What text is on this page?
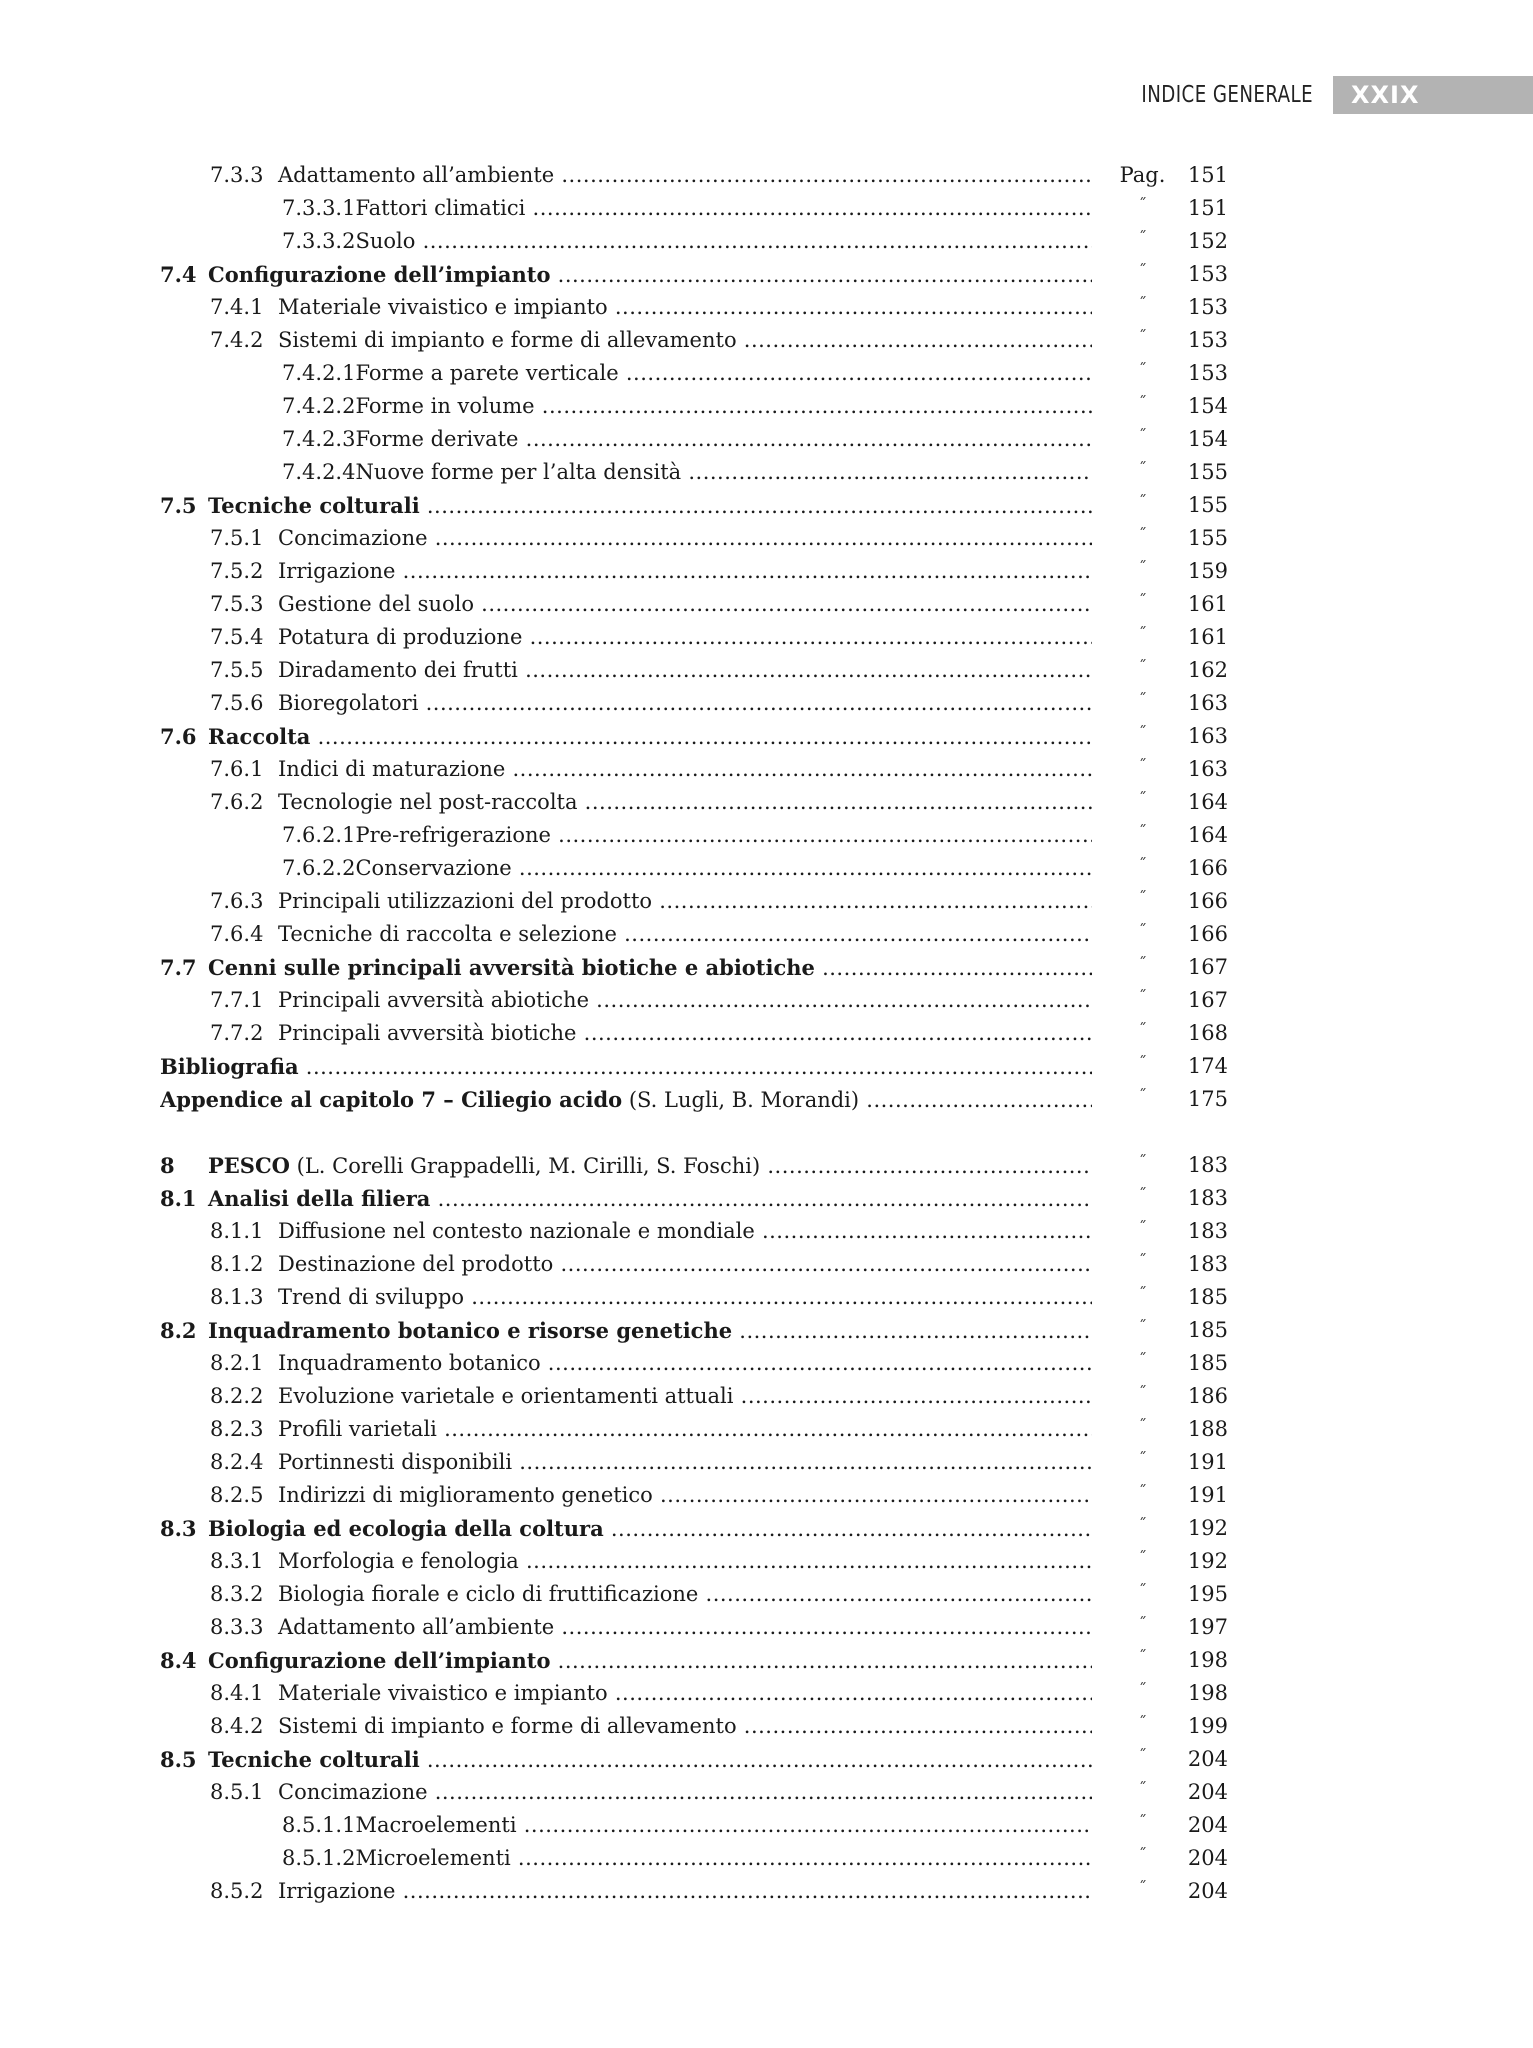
INDICE GENERALE XXIX
7.3.3 Adattamento all’ambiente .....	Pag.	151
7.3.3.1Fattori climatici .....	˝	151
7.3.3.2Suolo .....	˝	152
7.4 Configurazione dell’impianto .....	˝	153
7.4.1 Materiale vivaistico e impianto .....	˝	153
7.4.2 Sistemi di impianto e forme di allevamento .....	˝	153
7.4.2.1Forme a parete verticale .....	˝	153
7.4.2.2Forme in volume .....	˝	154
7.4.2.3Forme derivate .....	˝	154
7.4.2.4Nuove forme per l’alta densità .....	˝	155
7.5 Tecniche colturali .....	˝	155
7.5.1 Concimazione .....	˝	155
7.5.2 Irrigazione .....	˝	159
7.5.3 Gestione del suolo .....	˝	161
7.5.4 Potatura di produzione .....	˝	161
7.5.5 Diradamento dei frutti .....	˝	162
7.5.6 Bioregolatori .....	˝	163
7.6 Raccolta .....	˝	163
7.6.1 Indici di maturazione .....	˝	163
7.6.2 Tecnologie nel post-raccolta .....	˝	164
7.6.2.1Pre-refrigerazione .....	˝	164
7.6.2.2Conservazione .....	˝	166
7.6.3 Principali utilizzazioni del prodotto .....	˝	166
7.6.4 Tecniche di raccolta e selezione .....	˝	166
7.7 Cenni sulle principali avversità biotiche e abiotiche .....	˝	167
7.7.1 Principali avversità abiotiche .....	˝	167
7.7.2 Principali avversità biotiche .....	˝	168
Bibliografia .....	˝	174
Appendice al capitolo 7 – Ciliegio acido (S. Lugli, B. Morandi) .....	˝	175
8 PESCO (L. Corelli Grappadelli, M. Cirilli, S. Foschi) .....	˝	183
8.1 Analisi della filiera .....	˝	183
8.1.1 Diffusione nel contesto nazionale e mondiale .....	˝	183
8.1.2 Destinazione del prodotto .....	˝	183
8.1.3 Trend di sviluppo .....	˝	185
8.2 Inquadramento botanico e risorse genetiche .....	˝	185
8.2.1 Inquadramento botanico .....	˝	185
8.2.2 Evoluzione varietale e orientamenti attuali .....	˝	186
8.2.3 Profili varietali .....	˝	188
8.2.4 Portinnesti disponibili .....	˝	191
8.2.5 Indirizzi di miglioramento genetico .....	˝	191
8.3 Biologia ed ecologia della coltura .....	˝	192
8.3.1 Morfologia e fenologia .....	˝	192
8.3.2 Biologia fiorale e ciclo di fruttificazione .....	˝	195
8.3.3 Adattamento all’ambiente .....	˝	197
8.4 Configurazione dell’impianto .....	˝	198
8.4.1 Materiale vivaistico e impianto .....	˝	198
8.4.2 Sistemi di impianto e forme di allevamento .....	˝	199
8.5 Tecniche colturali .....	˝	204
8.5.1 Concimazione .....	˝	204
8.5.1.1Macroelementi .....	˝	204
8.5.1.2Microelementi .....	˝	204
8.5.2 Irrigazione .....	˝	204
